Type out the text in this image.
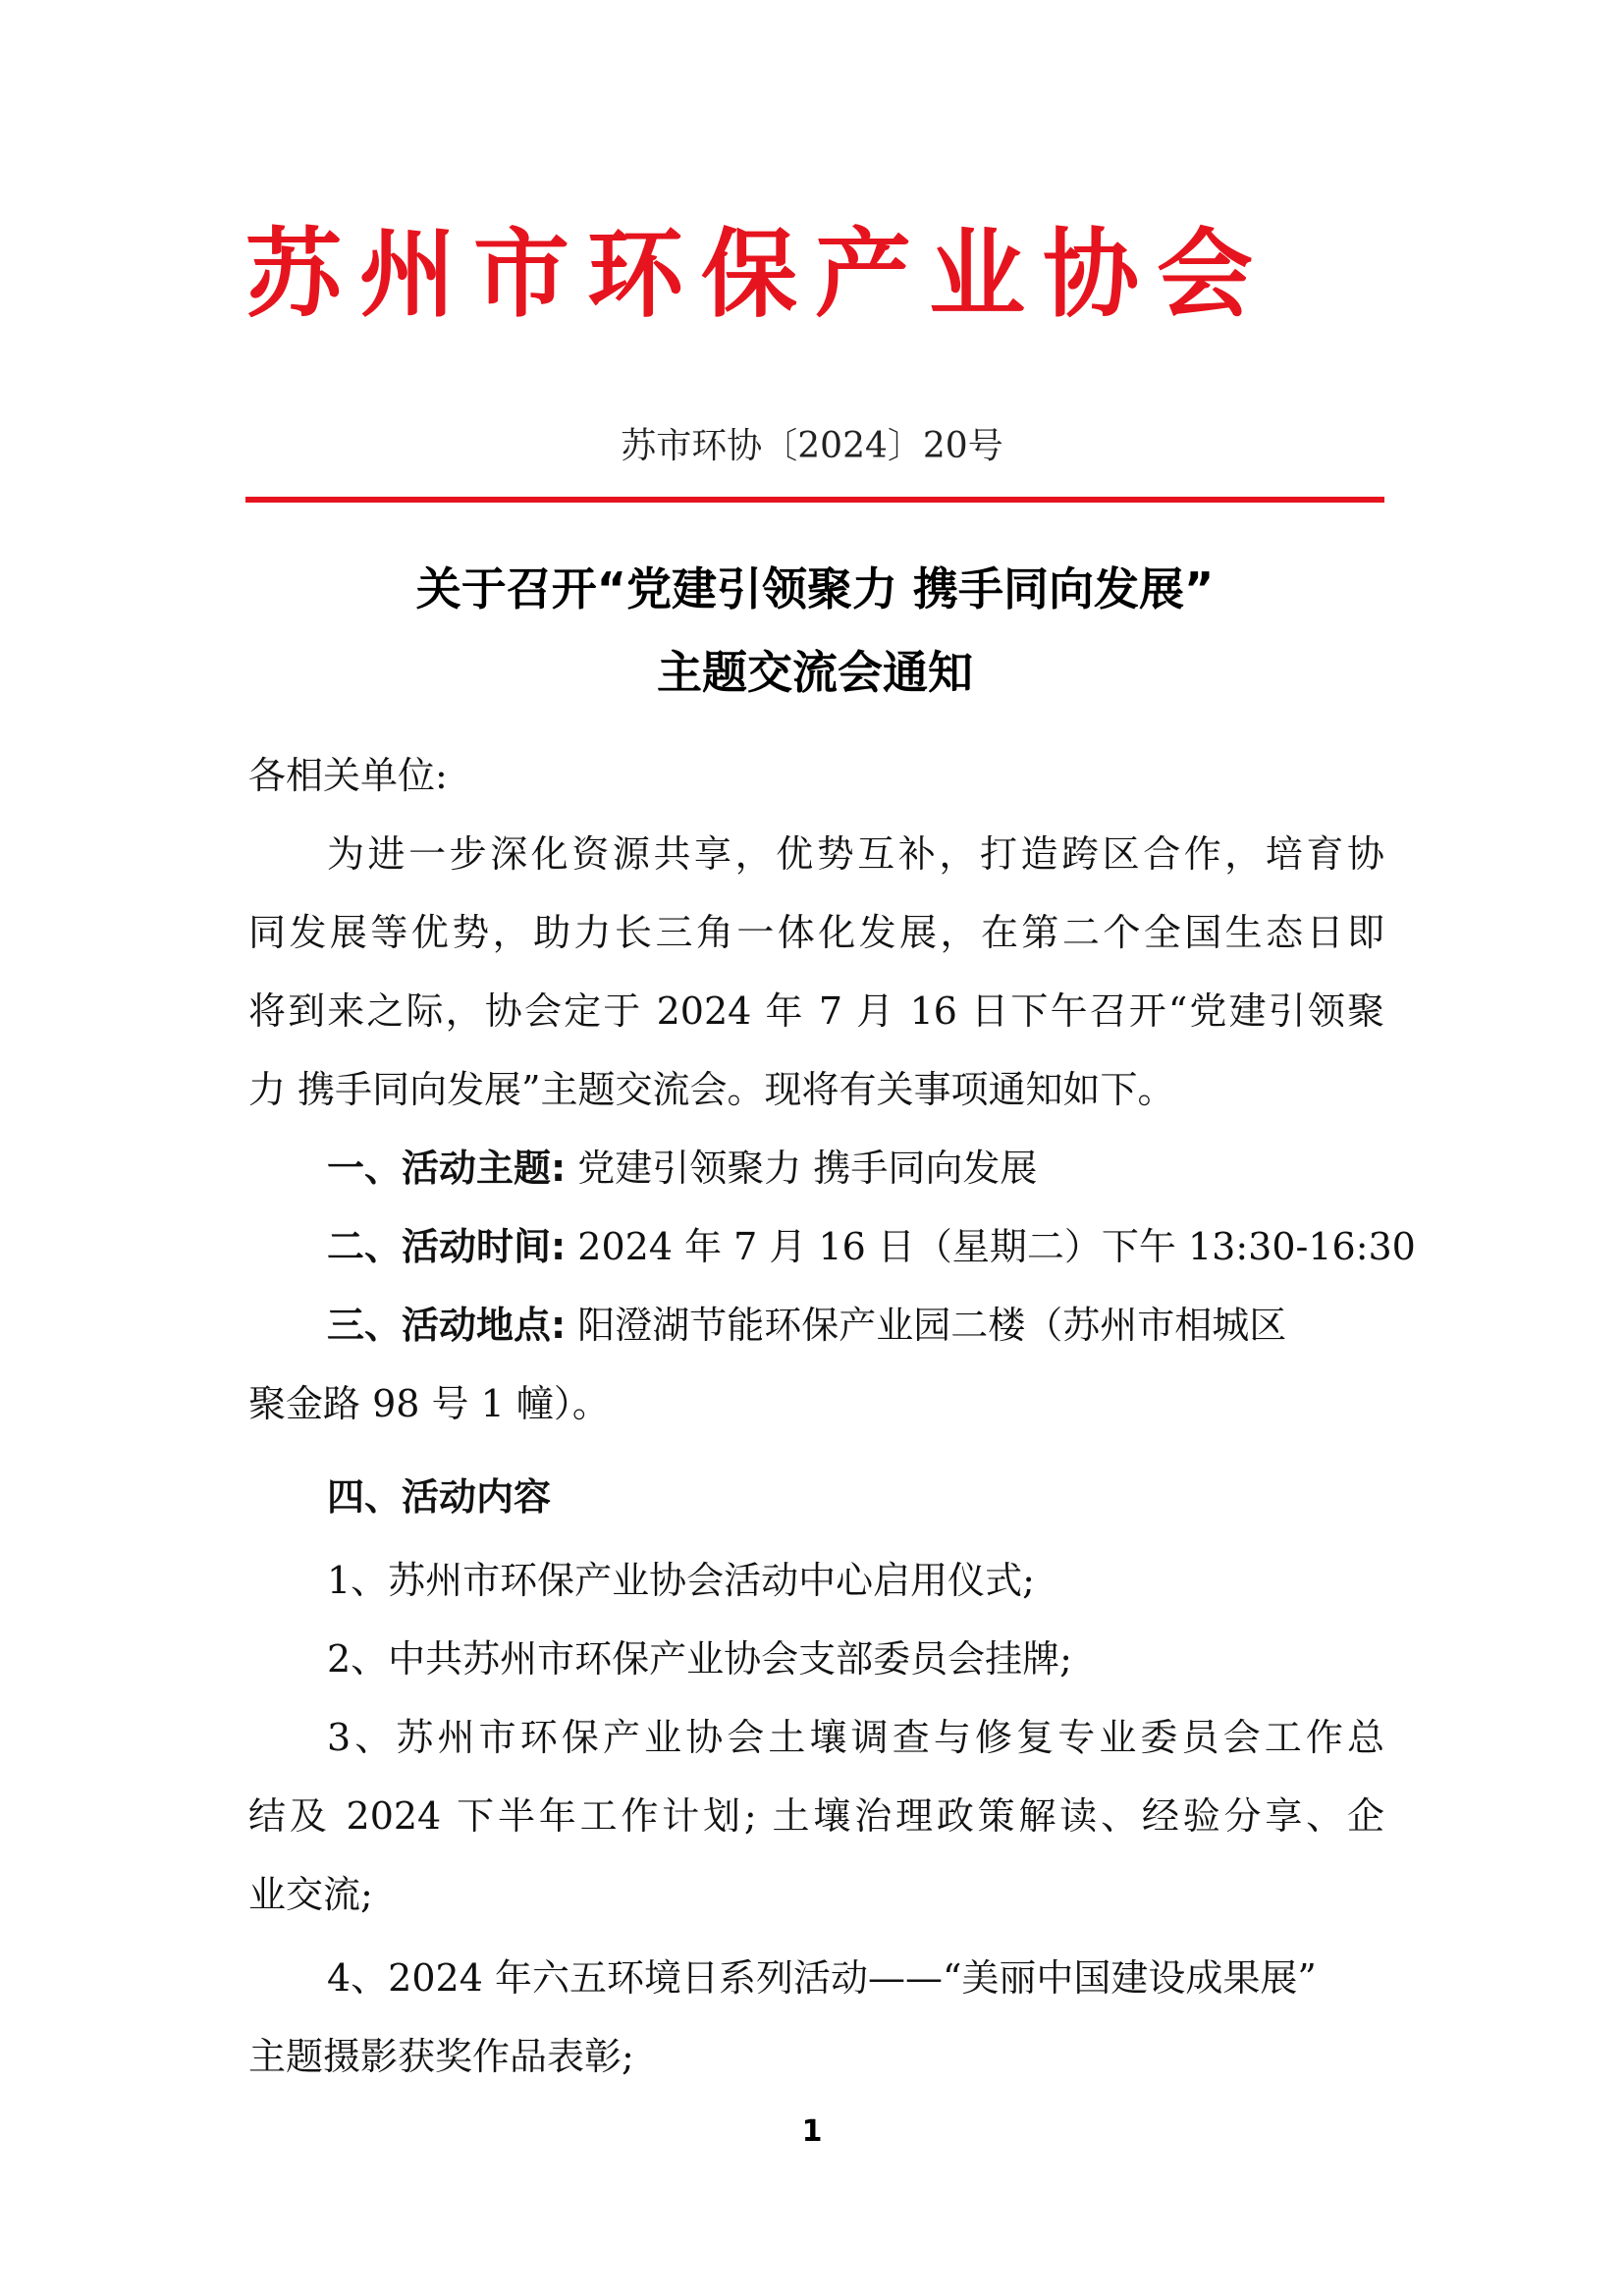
苏州市环保产业协会
苏市环协〔2024〕20号
关于召开“党建引领聚力 携手同向发展”
主题交流会通知
各相关单位:
为进一步深化资源共享，优势互补，打造跨区合作，培育协
同发展等优势，助力长三角一体化发展，在第二个全国生态日即
将到来之际，协会定于 2024 年 7 月 16 日下午召开“党建引领聚
力 携手同向发展”主题交流会。现将有关事项通知如下。
一、活动主题: 党建引领聚力 携手同向发展
二、活动时间: 2024 年 7 月 16 日（星期二）下午 13:30-16:30
三、活动地点: 阳澄湖节能环保产业园二楼（苏州市相城区
聚金路 98 号 1 幢）。
四、活动内容
1、苏州市环保产业协会活动中心启用仪式;
2、中共苏州市环保产业协会支部委员会挂牌;
3、苏州市环保产业协会土壤调查与修复专业委员会工作总
结及 2024 下半年工作计划; 土壤治理政策解读、经验分享、企
业交流;
4、2024 年六五环境日系列活动——“美丽中国建设成果展”
主题摄影获奖作品表彰;
1
